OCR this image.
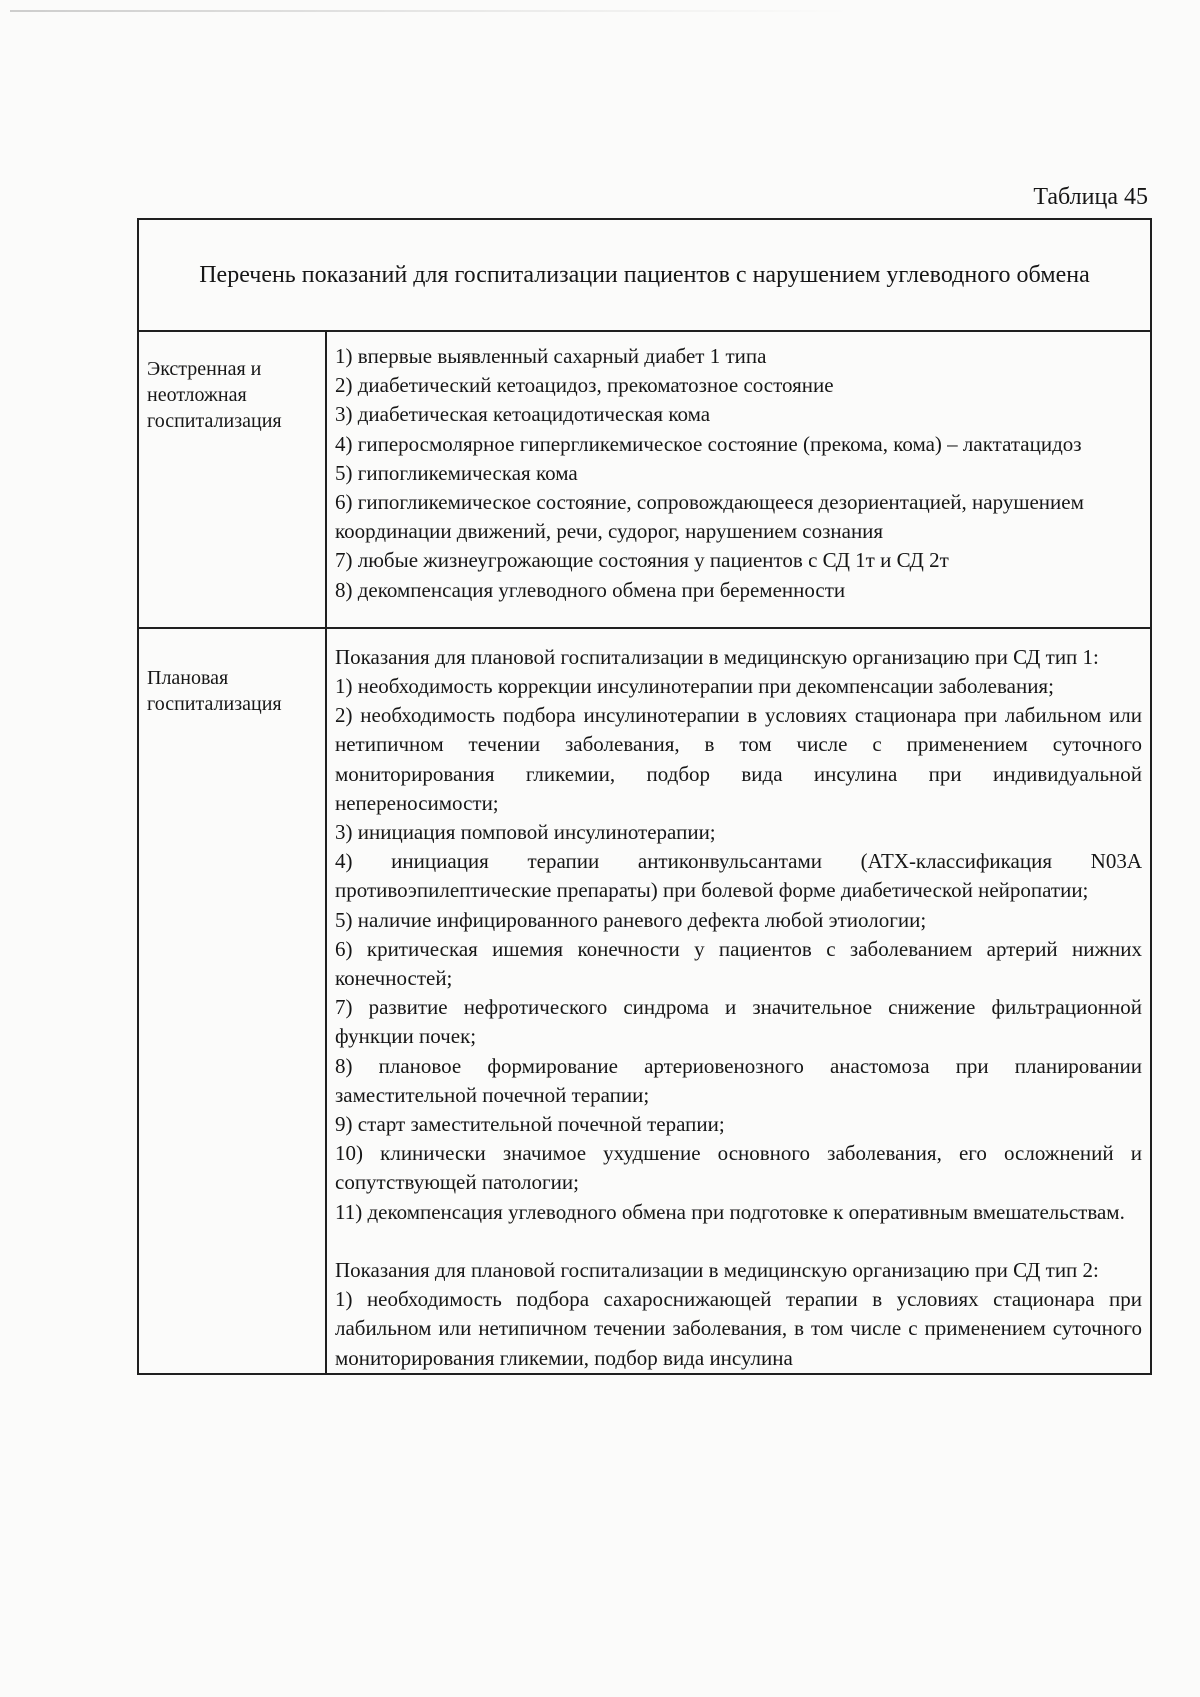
Таблица 45
Перечень показаний для госпитализации пациентов с нарушением углеводного обмена
Экстренная и неотложная госпитализация

1) впервые выявленный сахарный диабет 1 типа

2) диабетический кетоацидоз, прекоматозное состояние

3) диабетическая кетоацидотическая кома

4) гиперосмолярное гипергликемическое состояние (прекома, кома) – лактатацидоз

5) гипогликемическая кома

6) гипогликемическое состояние, сопровождающееся дезориентацией, нарушением координации движений, речи, судорог, нарушением сознания

7) любые жизнеугрожающие состояния у пациентов с СД 1т и СД 2т

8) декомпенсация углеводного обмена при беременности

Плановая госпитализация

Показания для плановой госпитализации в медицинскую организацию при СД тип 1:

1) необходимость коррекции инсулинотерапии при декомпенсации заболевания;

2) необходимость подбора инсулинотерапии в условиях стационара при лабильном или нетипичном течении заболевания, в том числе с применением суточного мониторирования гликемии, подбор вида инсулина при индивидуальной непереносимости;

3) инициация помповой инсулинотерапии;

4) инициация терапии антиконвульсантами (АТХ-классификация N03A противоэпилептические препараты) при болевой форме диабетической нейропатии;

5) наличие инфицированного раневого дефекта любой этиологии;

6) критическая ишемия конечности у пациентов с заболеванием артерий нижних конечностей;

7) развитие нефротического синдрома и значительное снижение фильтрационной функции почек;

8) плановое формирование артериовенозного анастомоза при планировании заместительной почечной терапии;

9) старт заместительной почечной терапии;

10) клинически значимое ухудшение основного заболевания, его осложнений и сопутствующей патологии;

11) декомпенсация углеводного обмена при подготовке к оперативным вмешательствам.

Показания для плановой госпитализации в медицинскую организацию при СД тип 2:

1) необходимость подбора сахароснижающей терапии в условиях стационара при лабильном или нетипичном течении заболевания, в том числе с применением суточного мониторирования гликемии, подбор вида инсулина
